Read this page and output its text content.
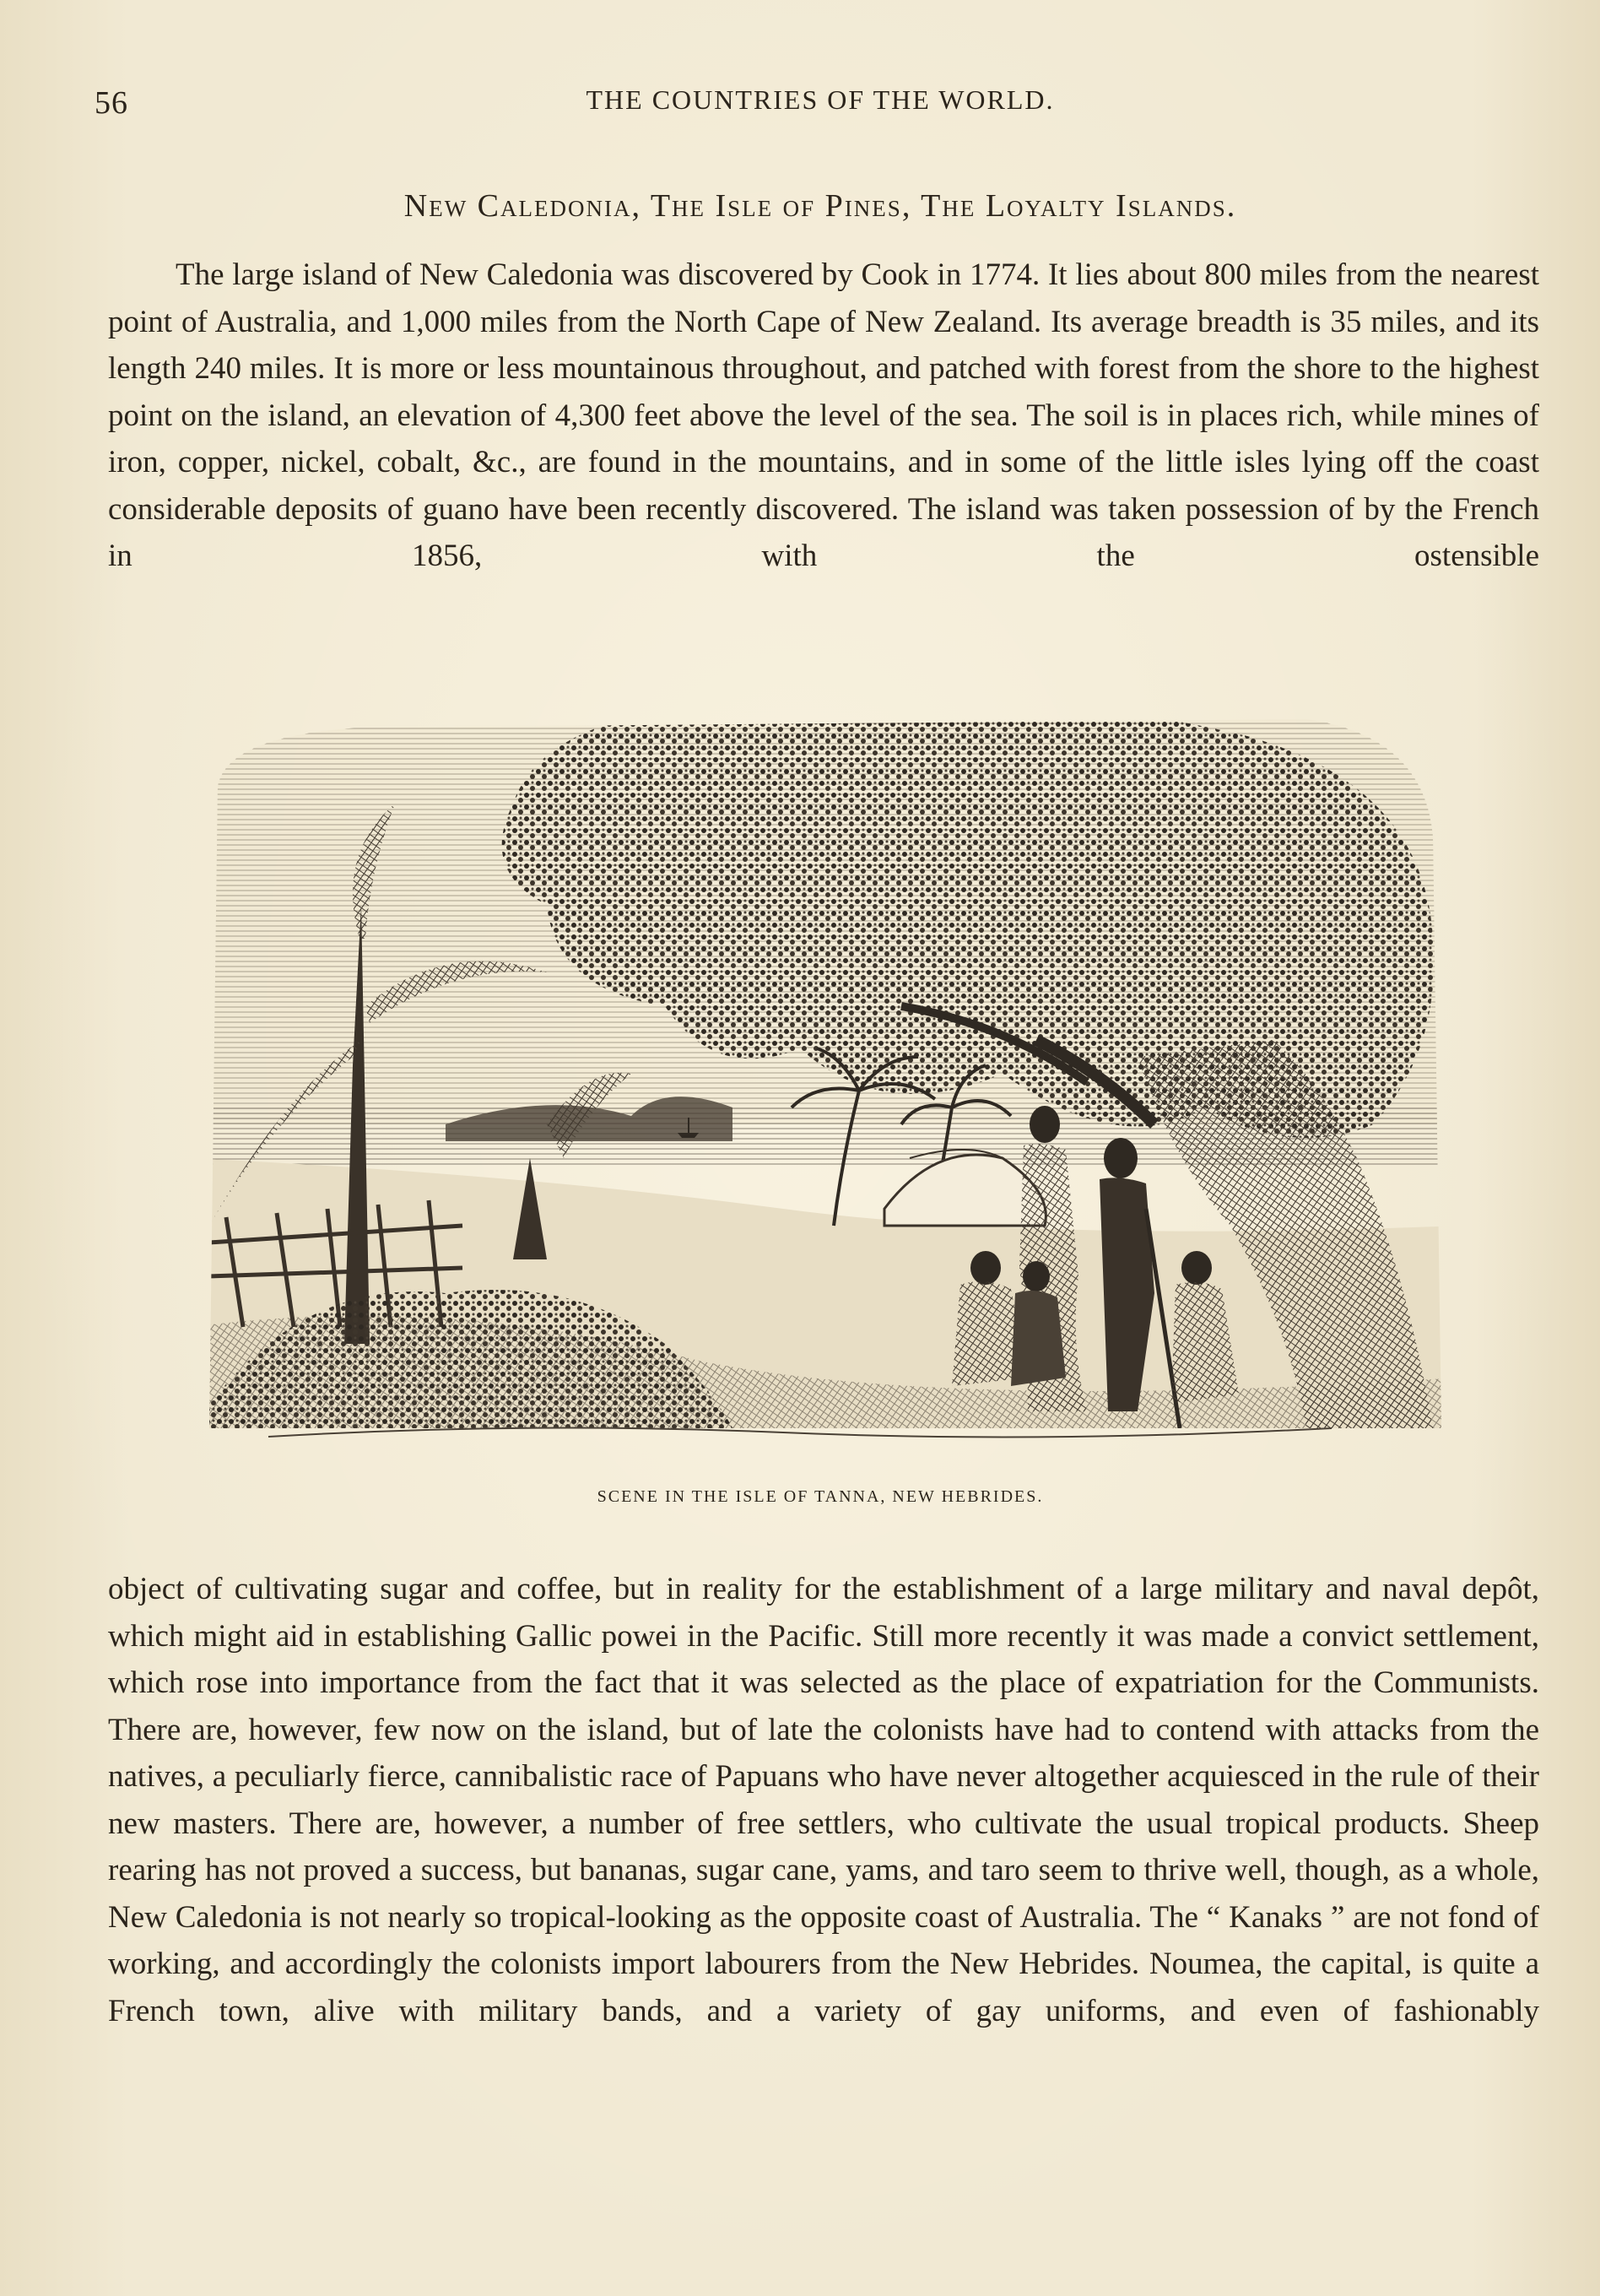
56	THE COUNTRIES OF THE WORLD.
New Caledonia, The Isle of Pines, The Loyalty Islands.

The large island of New Caledonia was discovered by Cook in 1774. It lies about 800 miles from the nearest point of Australia, and 1,000 miles from the North Cape of New Zealand. Its average breadth is 35 miles, and its length 240 miles. It is more or less mountainous throughout, and patched with forest from the shore to the highest point on the island, an elevation of 4,300 feet above the level of the sea. The soil is in places rich, while mines of iron, copper, nickel, cobalt, &c., are found in the mountains, and in some of the little isles lying off the coast considerable deposits of guano have been recently discovered. The island was taken possession of by the French in 1856, with the ostensible

SCENE IN THE ISLE OF TANNA, NEW HEBRIDES.

object of cultivating sugar and coffee, but in reality for the establishment of a large military and naval depôt, which might aid in establishing Gallic powei in the Pacific. Still more recently it was made a convict settlement, which rose into importance from the fact that it was selected as the place of expatriation for the Communists. There are, however, few now on the island, but of late the colonists have had to contend with attacks from the natives, a peculiarly fierce, cannibalistic race of Papuans who have never altogether acquiesced in the rule of their new masters. There are, however, a number of free settlers, who cultivate the usual tropical products. Sheep rearing has not proved a success, but bananas, sugar cane, yams, and taro seem to thrive well, though, as a whole, New Caledonia is not nearly so tropical-looking as the opposite coast of Australia. The “ Kanaks ” are not fond of working, and accordingly the colonists import labourers from the New Hebrides. Noumea, the capital, is quite a French town, alive with military bands, and a variety of gay uniforms, and even of fashionably
